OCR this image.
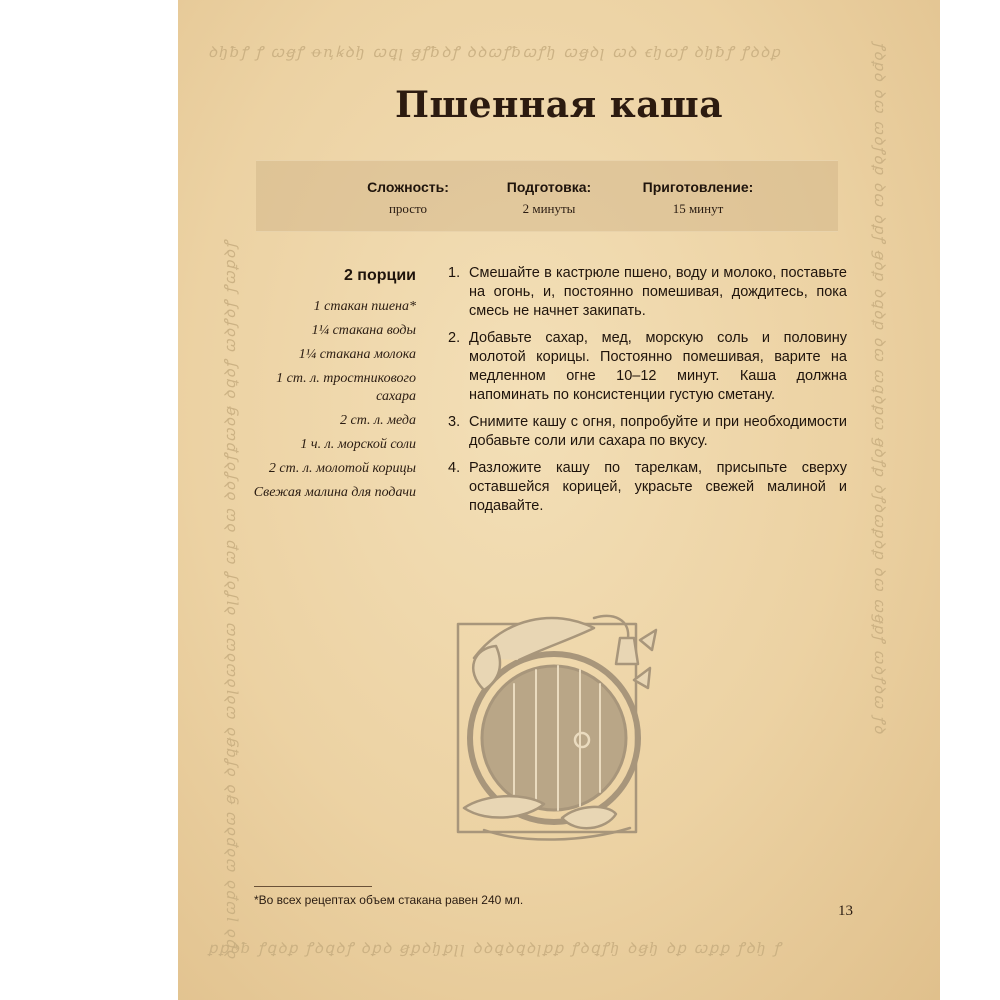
ꝺꜧƀꝭ ꝭ ꞷꞡꝭ ꝋꞑꝃꝺꜧ ꞷꝗꞁ ꞡꝭƀꝺꝭ ꝺꝺꞷꝭƀꞷꝭꜧ ꞷꞡꝺꞁ ꞷꝺ ꞓꜧꞷꝭ ꝺꜧƀꝭ ꝭꝺꝺꝑ
ꝑꝑꝺƀ ꝭꝗꝺꝑ ꝭꝺꝗꝺꝭ ꝺꝑꝺ ꞡꝑꝺꜧꝑꞁꞁ ꝺꝺꝗꝺꝗꝺꞁꝑꝑ ꝭꝺꝗꝭꜧ ꝺꞡꜧ ꝺꝑ ꞷꝑꝑ ꝭꝺꜧ ꝭ
ꝺꝑꝺ ꞁꞷꝑꝺ ꞷꝺꝑꝺꞷ ꞡꝺ ꝺꝭꝗꞡꝺ ꞷꝺꞁꝺꞷꝺꞷꞷ ꝺꞁꝭꝺꝭ ꞷꝑ ꝺꞷ ꝺꝺꝭꝺꝭꝑꞷꝺꞡ ꝺꝗꝺꝭ ꞷꝺꝭꝺꝭ ꝭꞷꝑꝺꝭ	ꝭꝺꝑꝺ ꝺꞷ ꞷꝺꝭꝺꝑ ꝺꞷ ꝺꝑꝭ ꞡꝺꝑ ꝺꝗꝺꝑ ꝺꞷ ꞷꝗꝺꝑꞷ ꞡꝺꝭꝑ ꝺꝭꝺꞷꝑꝺꝑ ꝺꞷ ꞷꞡꝑꝭ ꞷꝺꝭꝺꞷ ꝭꝺ
Пшенная каша
Сложность:
просто
Подготовка:
2 минуты
Приготовление:
15 минут
2 порции
1 стакан пшена*
1¼ стакана воды
1¼ стакана молока
1 ст. л. тростникового сахара
2 ст. л. меда
1 ч. л. морской соли
2 ст. л. молотой корицы
Свежая малина для подачи
1. Смешайте в кастрюле пшено, воду и молоко, поставьте на огонь, и, постоянно помешивая, дождитесь, пока смесь не начнет закипать.
2. Добавьте сахар, мед, морскую соль и половину молотой корицы. Постоянно помешивая, варите на медленном огне 10–12 минут. Каша должна напоминать по консистенции густую сметану.
3. Снимите кашу с огня, попробуйте и при необходимости добавьте соли или сахара по вкусу.
4. Разложите кашу по тарелкам, присыпьте сверху оставшейся корицей, украсьте свежей малиной и подавайте.
*Во всех рецептах объем стакана равен 240 мл.
13
